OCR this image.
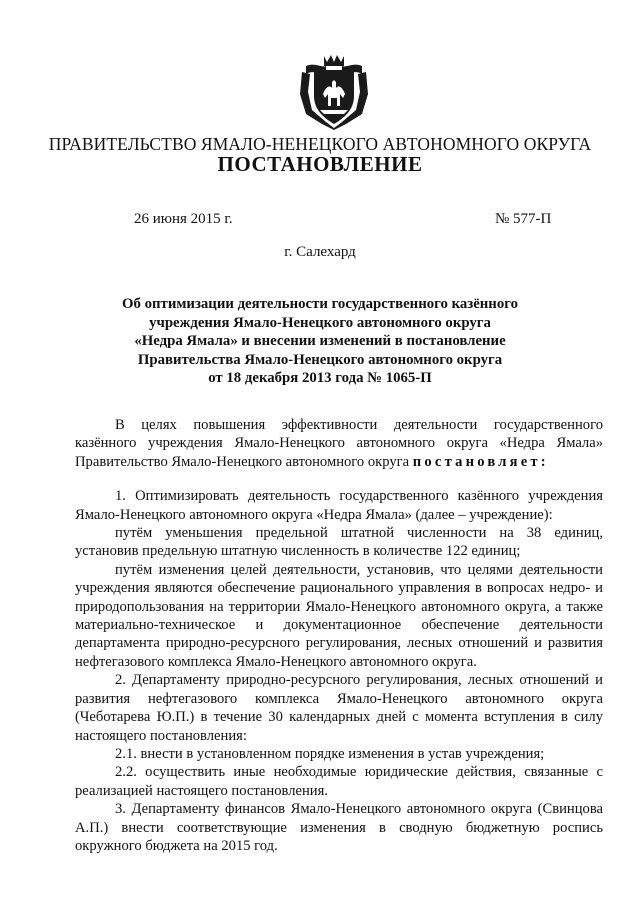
ПРАВИТЕЛЬСТВО ЯМАЛО-НЕНЕЦКОГО АВТОНОМНОГО ОКРУГА
ПОСТАНОВЛЕНИЕ
26 июня 2015 г.	№ 577-П
г. Салехард
Об оптимизации деятельности государственного казённого
учреждения Ямало-Ненецкого автономного округа
«Недра Ямала» и внесении изменений в постановление
Правительства Ямало-Ненецкого автономного округа
от 18 декабря 2013 года № 1065-П

В целях повышения эффективности деятельности государственного казённого учреждения Ямало-Ненецкого автономного округа «Недра Ямала» Правительство Ямало-Ненецкого автономного округа постановляет:

1. Оптимизировать деятельность государственного казённого учреждения Ямало-Ненецкого автономного округа «Недра Ямала» (далее – учреждение):

путём уменьшения предельной штатной численности на 38 единиц, установив предельную штатную численность в количестве 122 единиц;

путём изменения целей деятельности, установив, что целями деятельности учреждения являются обеспечение рационального управления в вопросах недро- и природопользования на территории Ямало-Ненецкого автономного округа, а также материально-техническое и документационное обеспечение деятельности департамента природно-ресурсного регулирования, лесных отношений и развития нефтегазового комплекса Ямало-Ненецкого автономного округа.

2. Департаменту природно-ресурсного регулирования, лесных отношений и развития нефтегазового комплекса Ямало-Ненецкого автономного округа (Чеботарева Ю.П.) в течение 30 календарных дней с момента вступления в силу настоящего постановления:

2.1. внести в установленном порядке изменения в устав учреждения;

2.2. осуществить иные необходимые юридические действия, связанные с реализацией настоящего постановления.

3. Департаменту финансов Ямало-Ненецкого автономного округа (Свинцова А.П.) внести соответствующие изменения в сводную бюджетную роспись окружного бюджета на 2015 год.
